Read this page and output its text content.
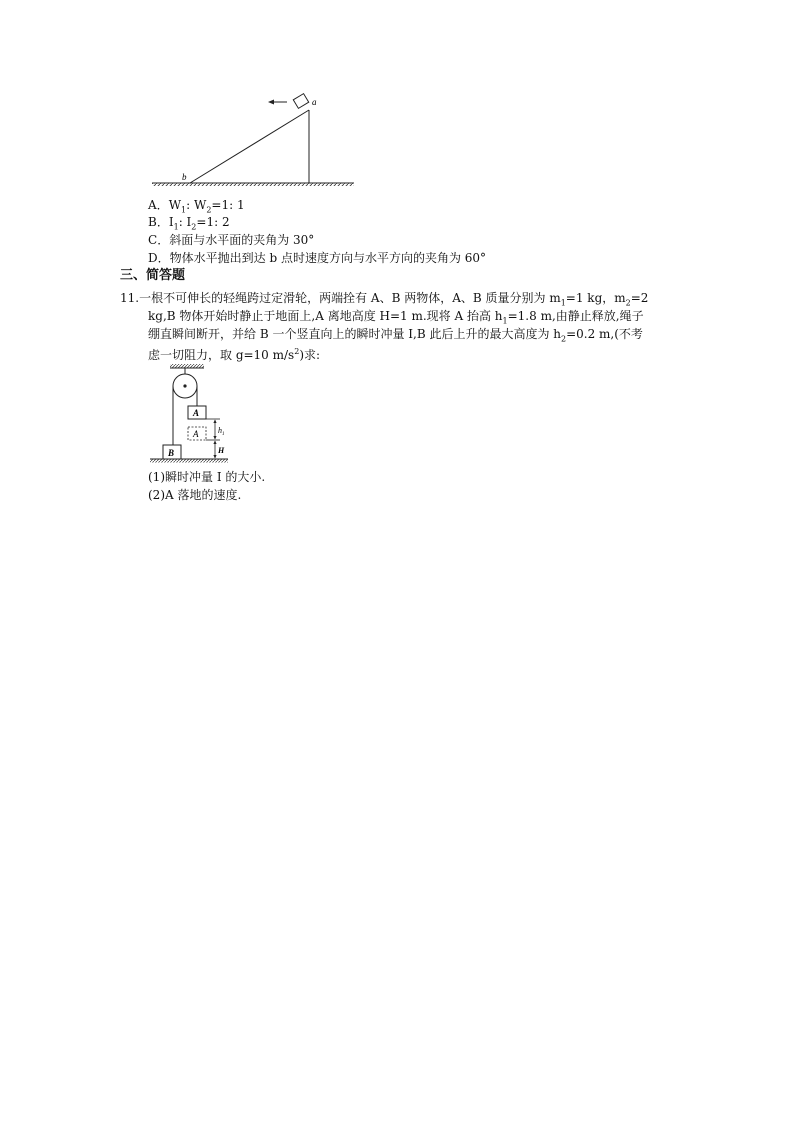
a
b
A．$W_1$: $W_2=1$: 1
B．$I_1$: $I_2=1$: 2
C．斜面与水平面的夹角为 30°
D．物体水平抛出到达 b 点时速度方向与水平方向的夹角为 60°
三、简答题
11.一根不可伸长的轻绳跨过定滑轮，两端拴有 A、B 两物体，A、B 质量分别为 $m_1=1$ kg，$m_2=2$
kg,B 物体开始时静止于地面上,A 离地高度 H=1 m.现将 A 抬高 $h_1=1.8$ m,由静止释放,绳子
绷直瞬间断开，并给 B 一个竖直向上的瞬时冲量 I,B 此后上升的最大高度为 $h_2=0.2$ m,(不考
虑一切阻力，取 g=10 $m/s^2$)求:
A
A $h_1$
H
B
(1)瞬时冲量 I 的大小.
(2)A 落地的速度.
